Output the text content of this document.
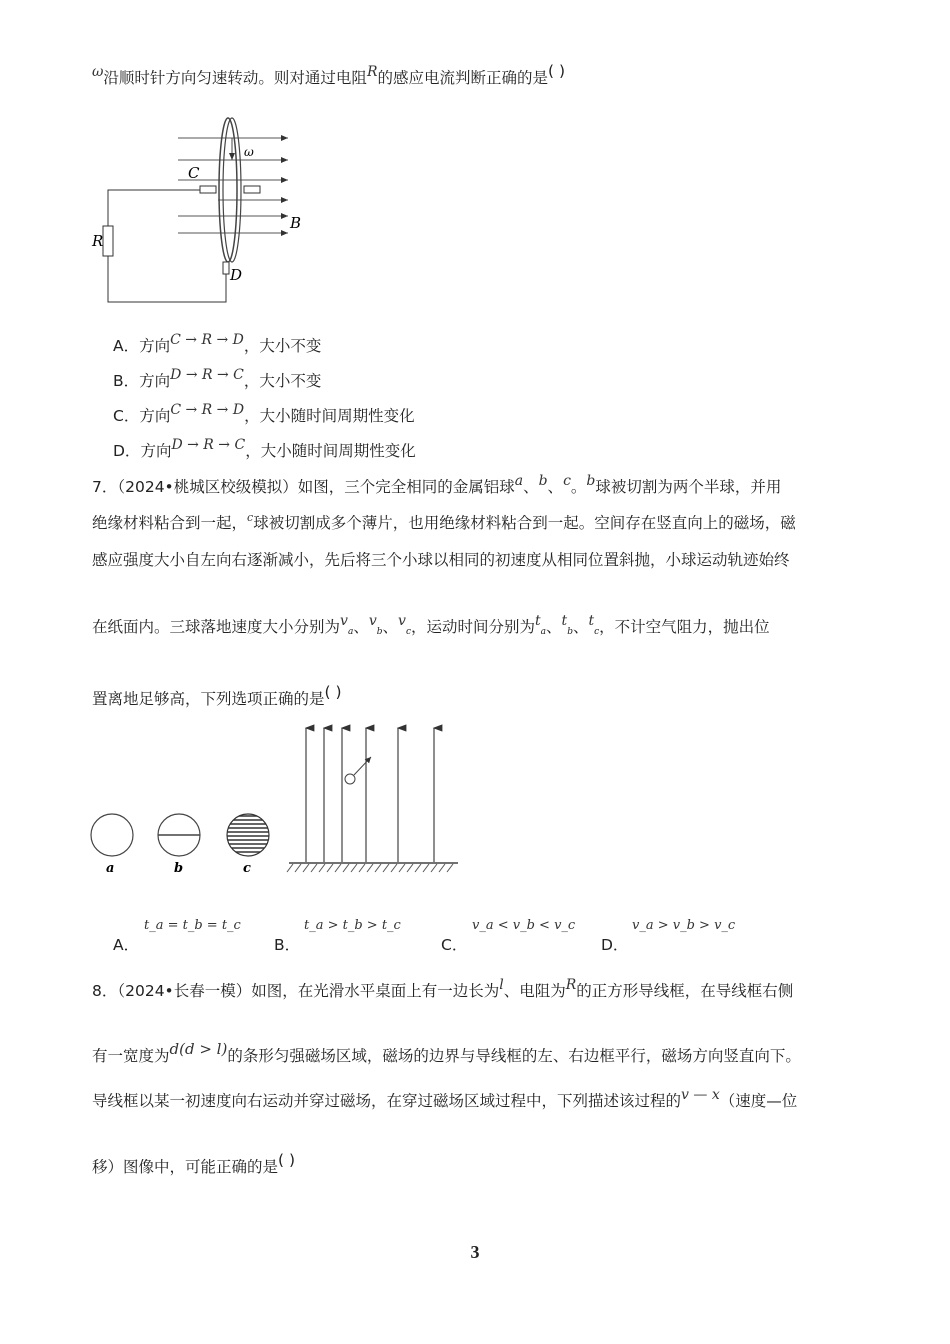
ω沿顺时针方向匀速转动。则对通过电阻R的感应电流判断正确的是( )
C
R
D
B
ω
A．方向C → R → D，大小不变
B．方向D → R → C，大小不变
C．方向C → R → D，大小随时间周期性变化
D．方向D → R → C，大小随时间周期性变化
7．（2024•桃城区校级模拟）如图，三个完全相同的金属铝球a、b、c。b球被切割为两个半球，并用
绝缘材料粘合到一起，$^c$球被切割成多个薄片，也用绝缘材料粘合到一起。空间存在竖直向上的磁场，磁
感应强度大小自左向右逐渐减小，先后将三个小球以相同的初速度从相同位置斜抛，小球运动轨迹始终
在纸面内。三球落地速度大小分别为va、vb、vc，运动时间分别为ta、tb、tc，不计空气阻力，抛出位
置离地足够高，下列选项正确的是( )
a	b	c
A．
t_a = t_b = t_c
B．
t_a > t_b > t_c
C．
v_a < v_b < v_c
D．
v_a > v_b > v_c
8．（2024•长春一模）如图，在光滑水平桌面上有一边长为l、电阻为R的正方形导线框，在导线框右侧
有一宽度为d(d > l)的条形匀强磁场区域，磁场的边界与导线框的左、右边框平行，磁场方向竖直向下。
导线框以某一初速度向右运动并穿过磁场，在穿过磁场区域过程中，下列描述该过程的v — x（速度—位
移）图像中，可能正确的是( )
3
